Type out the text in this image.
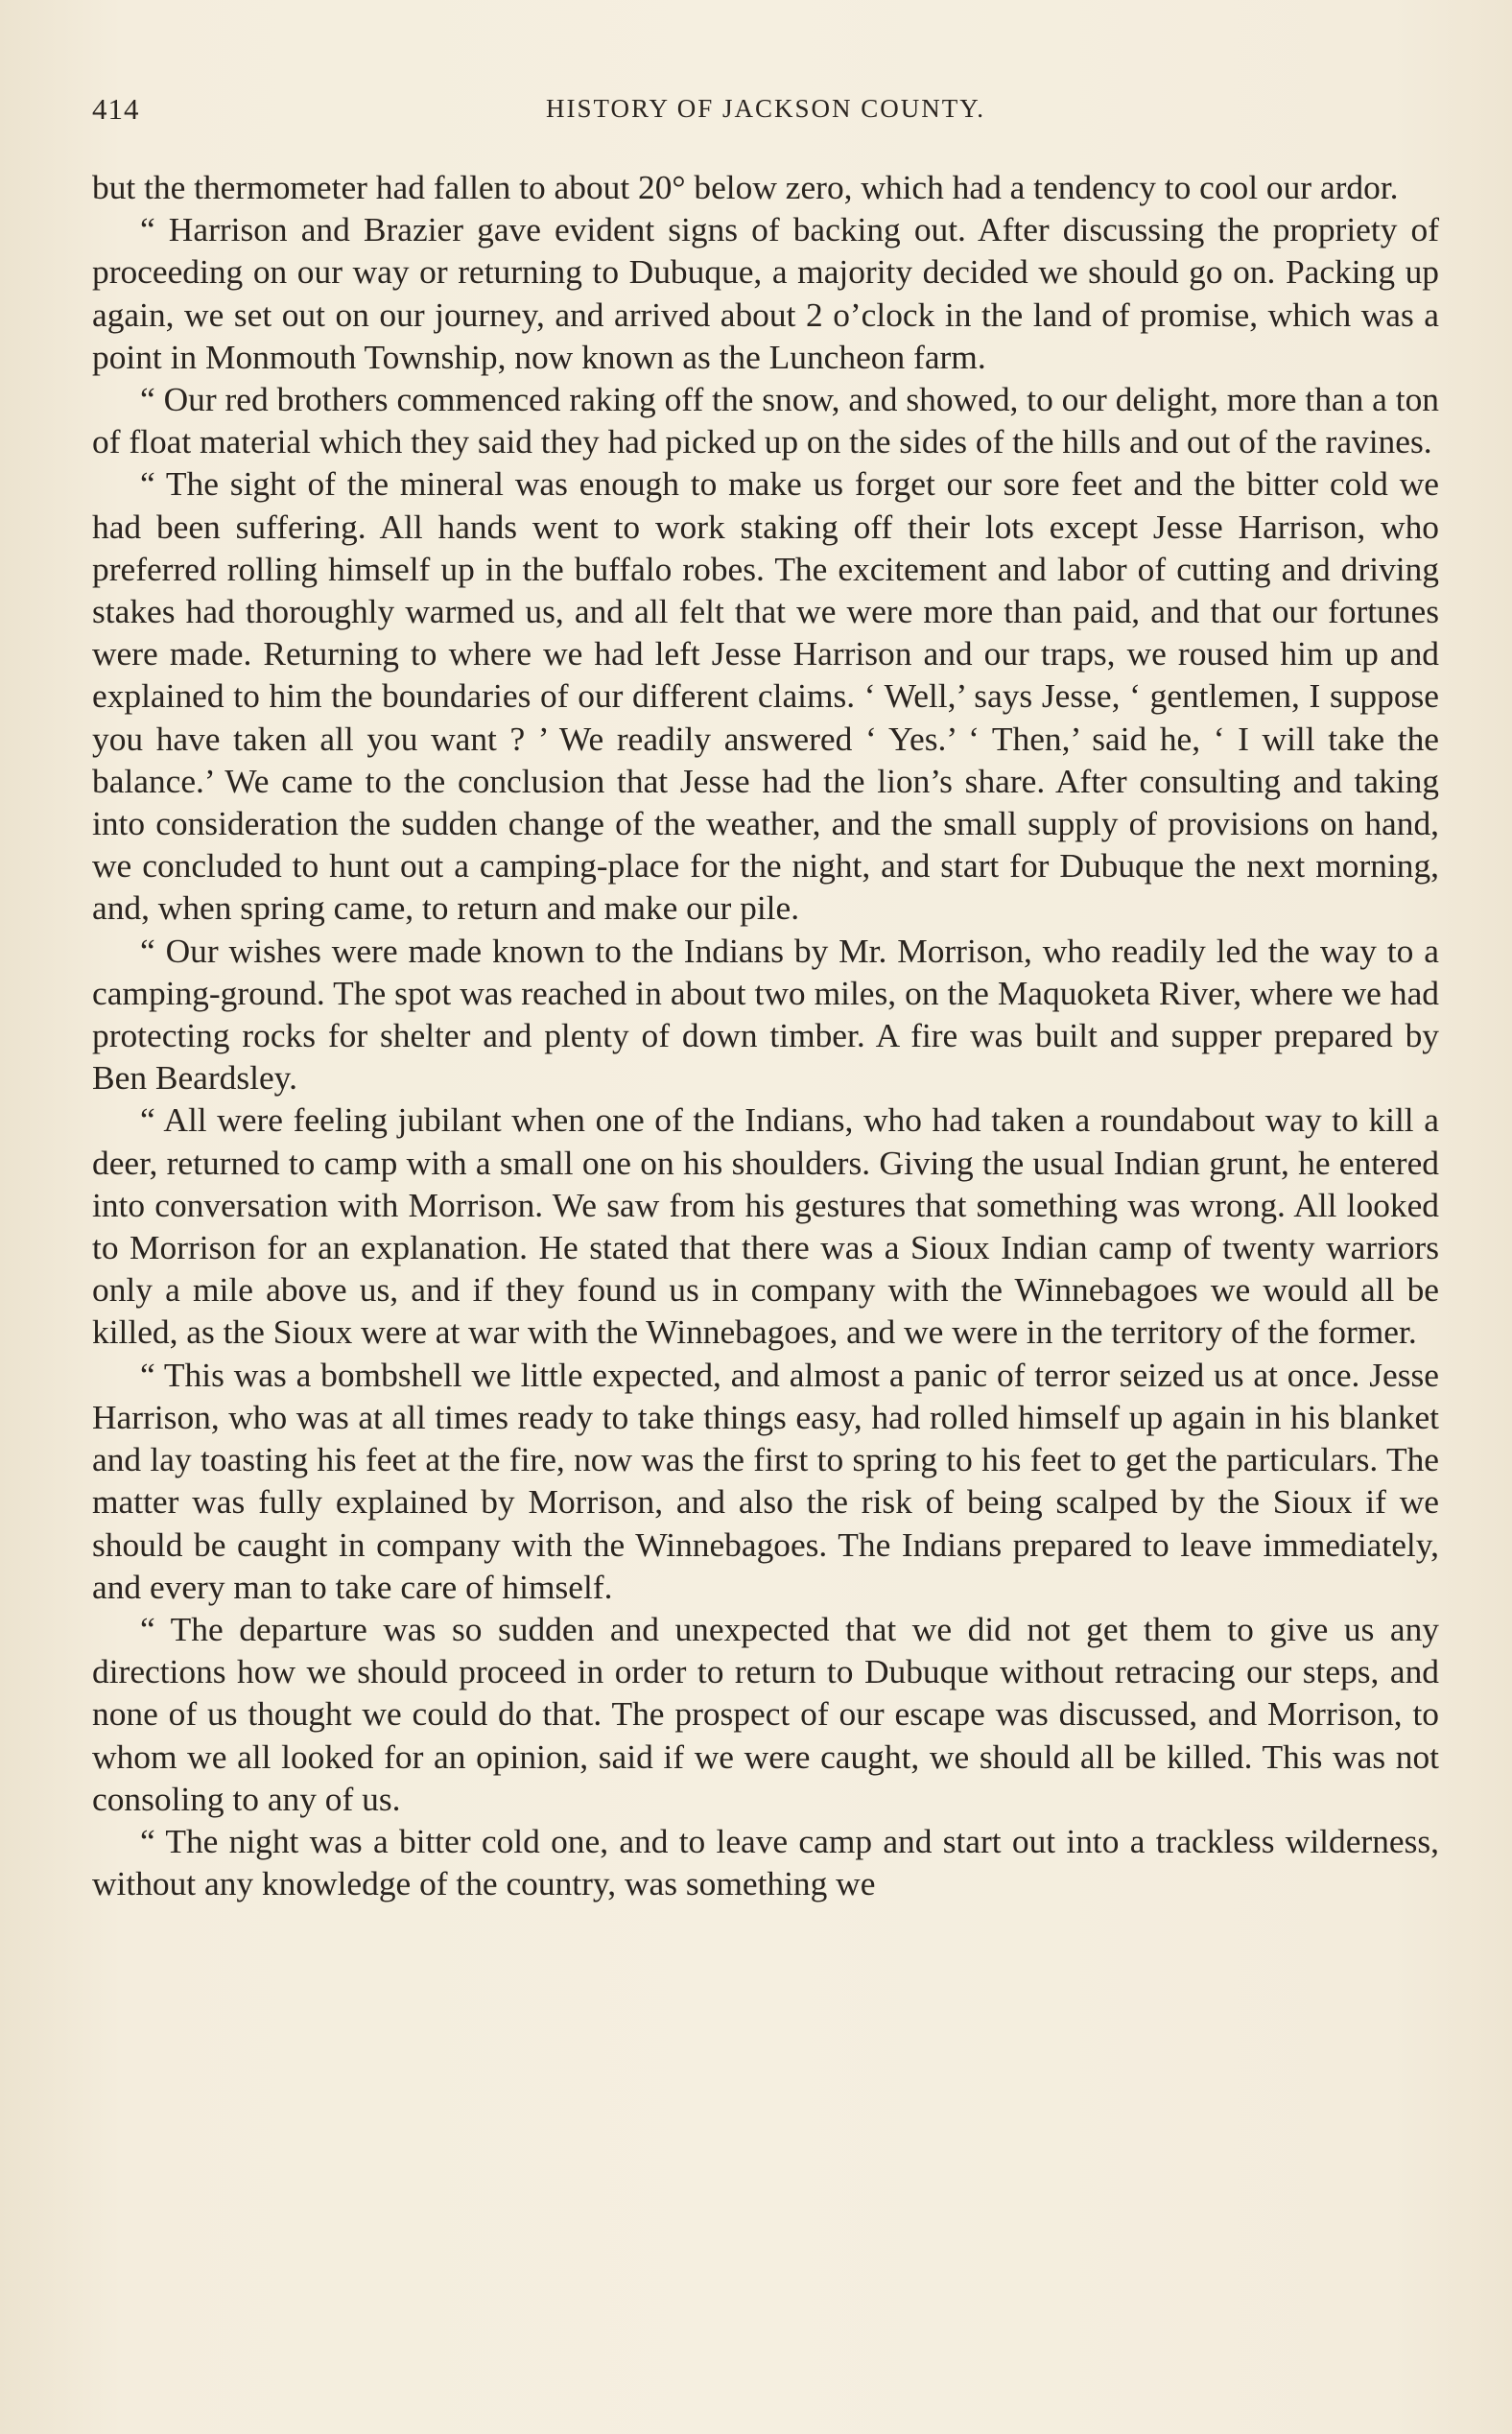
414	HISTORY OF JACKSON COUNTY.

but the thermometer had fallen to about 20° below zero, which had a tendency to cool our ardor.

“ Harrison and Brazier gave evident signs of backing out. After discussing the propriety of proceeding on our way or returning to Dubuque, a majority decided we should go on. Packing up again, we set out on our journey, and arrived about 2 o’clock in the land of promise, which was a point in Monmouth Township, now known as the Luncheon farm.

“ Our red brothers commenced raking off the snow, and showed, to our delight, more than a ton of float material which they said they had picked up on the sides of the hills and out of the ravines.

“ The sight of the mineral was enough to make us forget our sore feet and the bitter cold we had been suffering. All hands went to work staking off their lots except Jesse Harrison, who preferred rolling himself up in the buffalo robes. The excitement and labor of cutting and driving stakes had thoroughly warmed us, and all felt that we were more than paid, and that our fortunes were made. Returning to where we had left Jesse Harrison and our traps, we roused him up and explained to him the boundaries of our different claims. ‘ Well,’ says Jesse, ‘ gentlemen, I suppose you have taken all you want ? ’ We readily answered ‘ Yes.’ ‘ Then,’ said he, ‘ I will take the balance.’ We came to the conclusion that Jesse had the lion’s share. After consulting and taking into consideration the sudden change of the weather, and the small supply of provisions on hand, we concluded to hunt out a camping-place for the night, and start for Dubuque the next morning, and, when spring came, to return and make our pile.

“ Our wishes were made known to the Indians by Mr. Morrison, who readily led the way to a camping-ground. The spot was reached in about two miles, on the Maquoketa River, where we had protecting rocks for shelter and plenty of down timber. A fire was built and supper prepared by Ben Beardsley.

“ All were feeling jubilant when one of the Indians, who had taken a roundabout way to kill a deer, returned to camp with a small one on his shoulders. Giving the usual Indian grunt, he entered into conversation with Morrison. We saw from his gestures that something was wrong. All looked to Morrison for an explanation. He stated that there was a Sioux Indian camp of twenty warriors only a mile above us, and if they found us in company with the Winnebagoes we would all be killed, as the Sioux were at war with the Winnebagoes, and we were in the territory of the former.

“ This was a bombshell we little expected, and almost a panic of terror seized us at once. Jesse Harrison, who was at all times ready to take things easy, had rolled himself up again in his blanket and lay toasting his feet at the fire, now was the first to spring to his feet to get the particulars. The matter was fully explained by Morrison, and also the risk of being scalped by the Sioux if we should be caught in company with the Winnebagoes. The Indians prepared to leave immediately, and every man to take care of himself.

“ The departure was so sudden and unexpected that we did not get them to give us any directions how we should proceed in order to return to Dubuque without retracing our steps, and none of us thought we could do that. The prospect of our escape was discussed, and Morrison, to whom we all looked for an opinion, said if we were caught, we should all be killed. This was not consoling to any of us.

“ The night was a bitter cold one, and to leave camp and start out into a trackless wilderness, without any knowledge of the country, was something we
